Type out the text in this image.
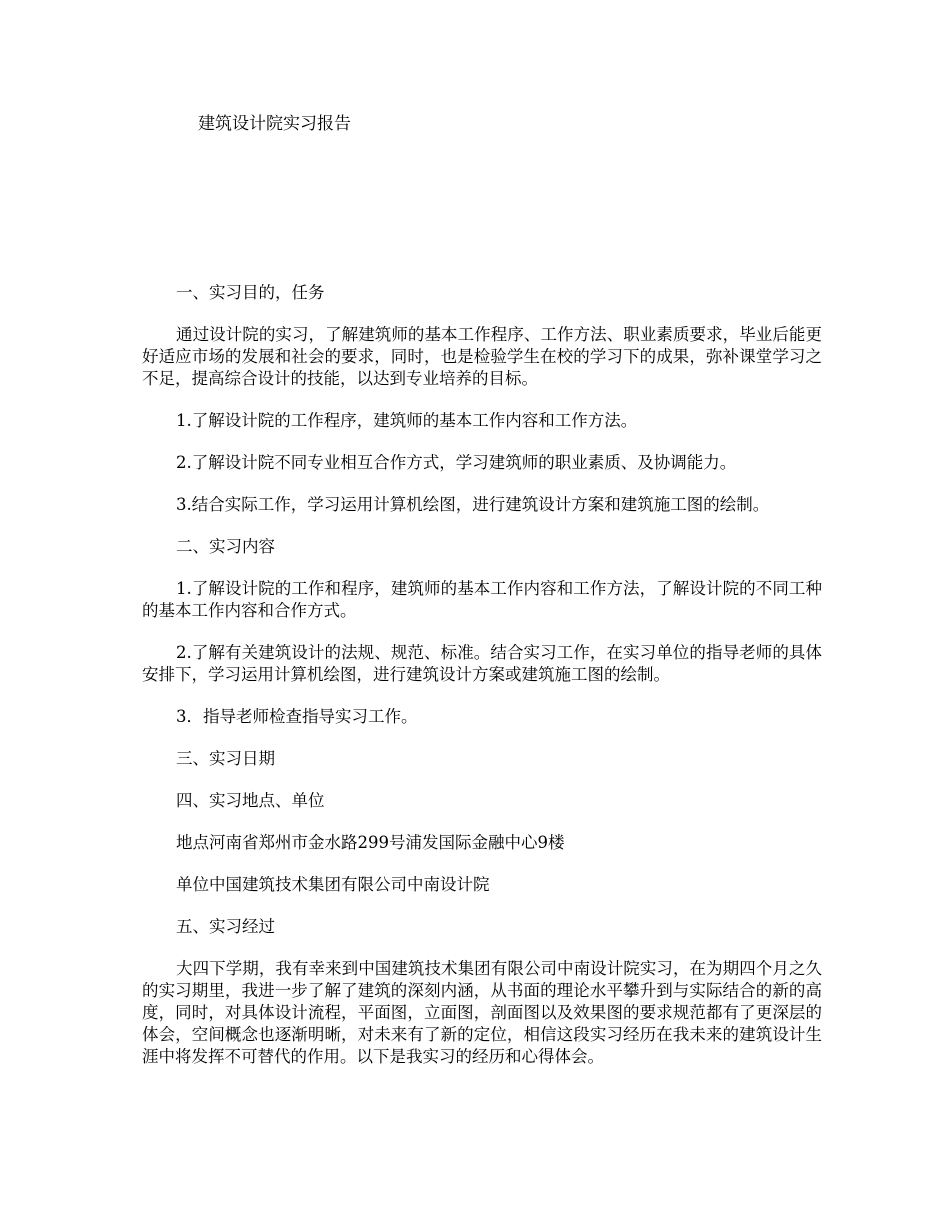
建筑设计院实习报告

一、实习目的，任务

通过设计院的实习，了解建筑师的基本工作程序、工作方法、职业素质要求，毕业后能更好适应市场的发展和社会的要求，同时，也是检验学生在校的学习下的成果，弥补课堂学习之不足，提高综合设计的技能，以达到专业培养的目标。

1.了解设计院的工作程序，建筑师的基本工作内容和工作方法。

2.了解设计院不同专业相互合作方式，学习建筑师的职业素质、及协调能力。

3.结合实际工作，学习运用计算机绘图，进行建筑设计方案和建筑施工图的绘制。

二、实习内容

1.了解设计院的工作和程序，建筑师的基本工作内容和工作方法，了解设计院的不同工种的基本工作内容和合作方式。

2.了解有关建筑设计的法规、规范、标准。结合实习工作，在实习单位的指导老师的具体安排下，学习运用计算机绘图，进行建筑设计方案或建筑施工图的绘制。

3．指导老师检查指导实习工作。

三、实习日期

四、实习地点、单位

地点河南省郑州市金水路299号浦发国际金融中心9楼

单位中国建筑技术集团有限公司中南设计院

五、实习经过

大四下学期，我有幸来到中国建筑技术集团有限公司中南设计院实习，在为期四个月之久的实习期里，我进一步了解了建筑的深刻内涵，从书面的理论水平攀升到与实际结合的新的高度，同时，对具体设计流程，平面图，立面图，剖面图以及效果图的要求规范都有了更深层的体会，空间概念也逐渐明晰，对未来有了新的定位，相信这段实习经历在我未来的建筑设计生涯中将发挥不可替代的作用。以下是我实习的经历和心得体会。
